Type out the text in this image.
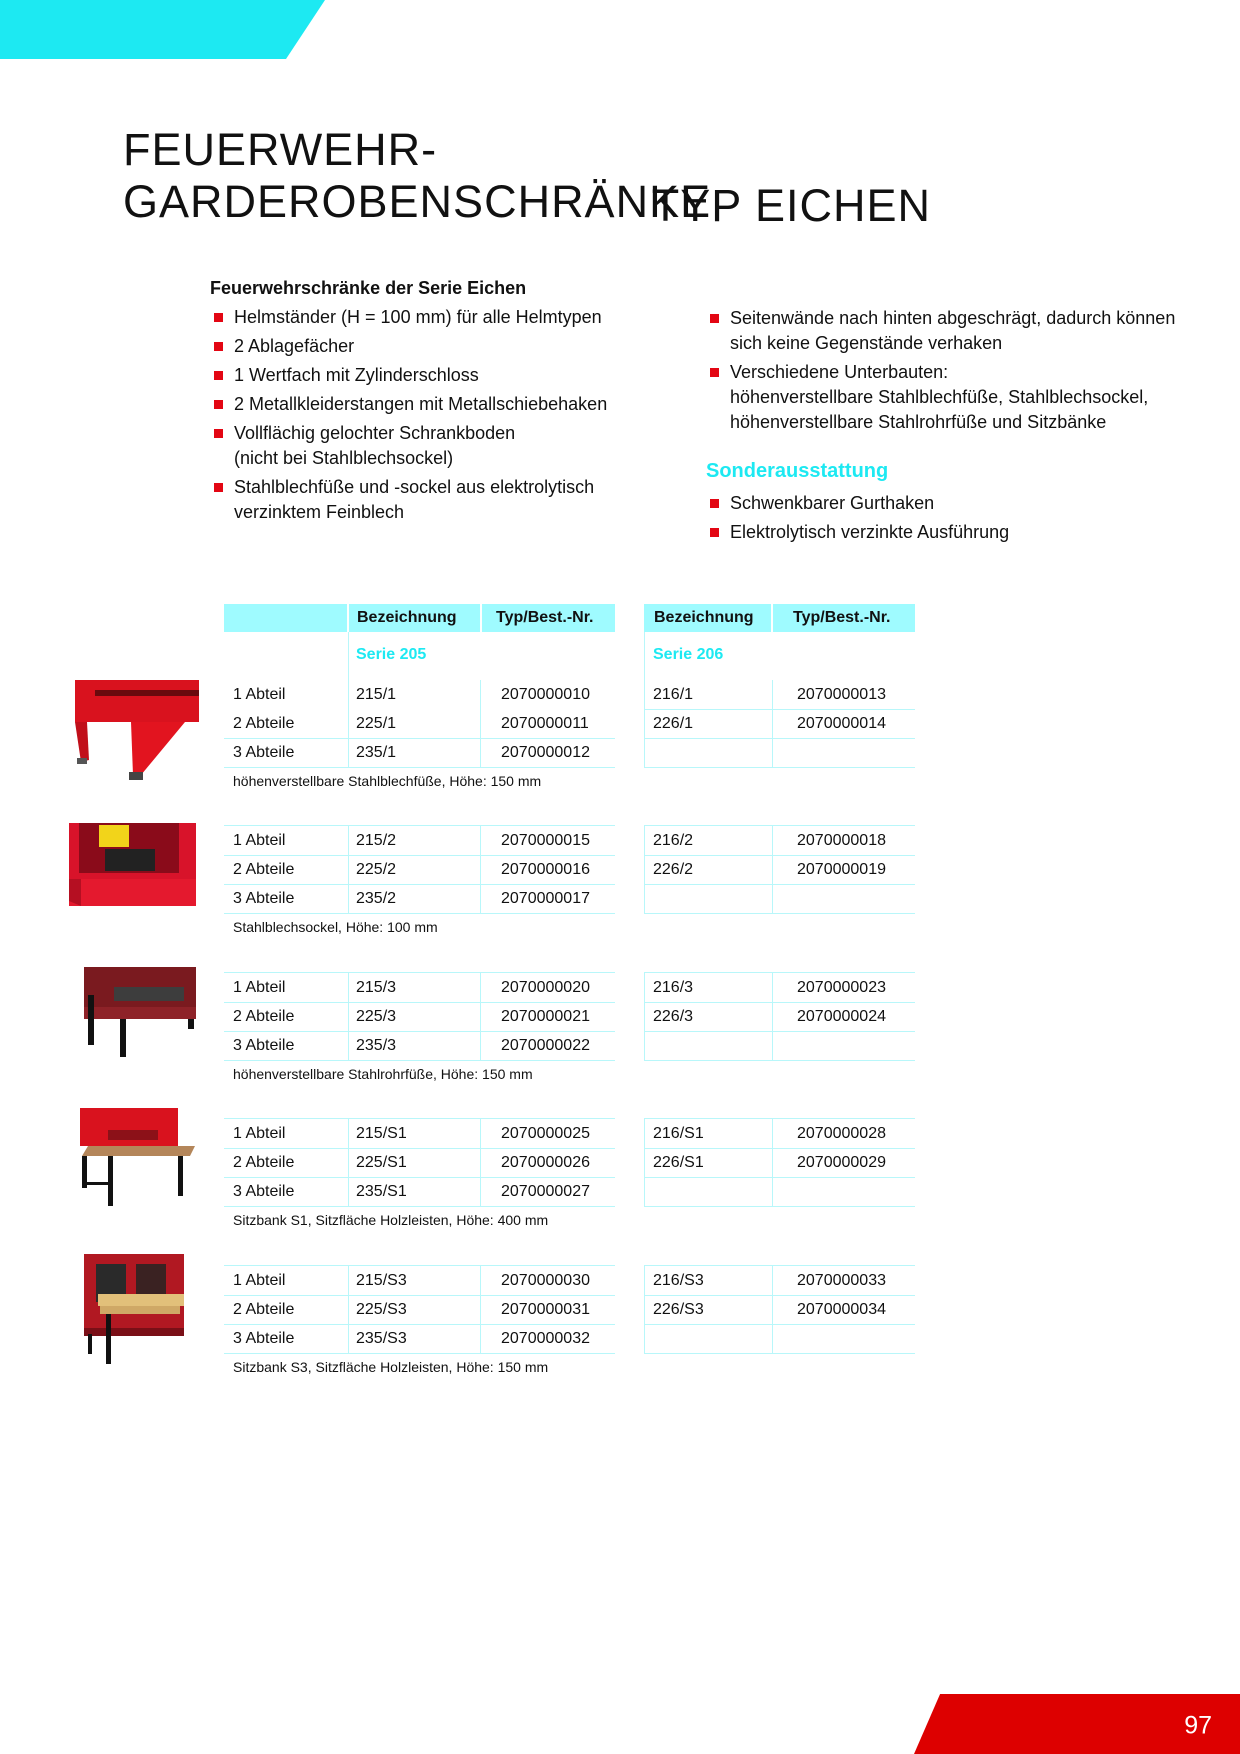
97
FEUERWEHR-GARDEROBENSCHRÄNKE
TYP EICHEN
Feuerwehrschränke der Serie Eichen
Helmständer (H = 100 mm) für alle Helmtypen
2 Ablagefächer
1 Wertfach mit Zylinderschloss
2 Metallkleiderstangen mit Metallschiebehaken
Vollflächig gelochter Schrankboden
(nicht bei Stahlblechsockel)
Stahlblechfüße und -sockel aus elektrolytisch verzinktem Feinblech
Seitenwände nach hinten abgeschrägt, dadurch können sich keine Gegenstände verhaken
Verschiedene Unterbauten:
höhenverstellbare Stahlblechfüße, Stahlblechsockel, höhenverstellbare Stahlrohrfüße und Sitzbänke
Sonderausstattung
Schwenkbarer Gurthaken
Elektrolytisch verzinkte Ausführung
Bezeichnung	Typ/Best.-Nr.	Bezeichnung	Typ/Best.-Nr.
Serie 205	Serie 206
1 Abteil	215/1	2070000010	216/1	2070000013
2 Abteile	225/1	2070000011	226/1	2070000014
3 Abteile	235/1	2070000012
höhenverstellbare Stahlblechfüße, Höhe: 150 mm
1 Abteil	215/2	2070000015	216/2	2070000018
2 Abteile	225/2	2070000016	226/2	2070000019
3 Abteile	235/2	2070000017
Stahlblechsockel, Höhe: 100 mm
1 Abteil	215/3	2070000020	216/3	2070000023
2 Abteile	225/3	2070000021	226/3	2070000024
3 Abteile	235/3	2070000022
höhenverstellbare Stahlrohrfüße, Höhe: 150 mm
1 Abteil	215/S1	2070000025	216/S1	2070000028
2 Abteile	225/S1	2070000026	226/S1	2070000029
3 Abteile	235/S1	2070000027
Sitzbank S1, Sitzfläche Holzleisten, Höhe: 400 mm
1 Abteil	215/S3	2070000030	216/S3	2070000033
2 Abteile	225/S3	2070000031	226/S3	2070000034
3 Abteile	235/S3	2070000032
Sitzbank S3, Sitzfläche Holzleisten, Höhe: 150 mm
